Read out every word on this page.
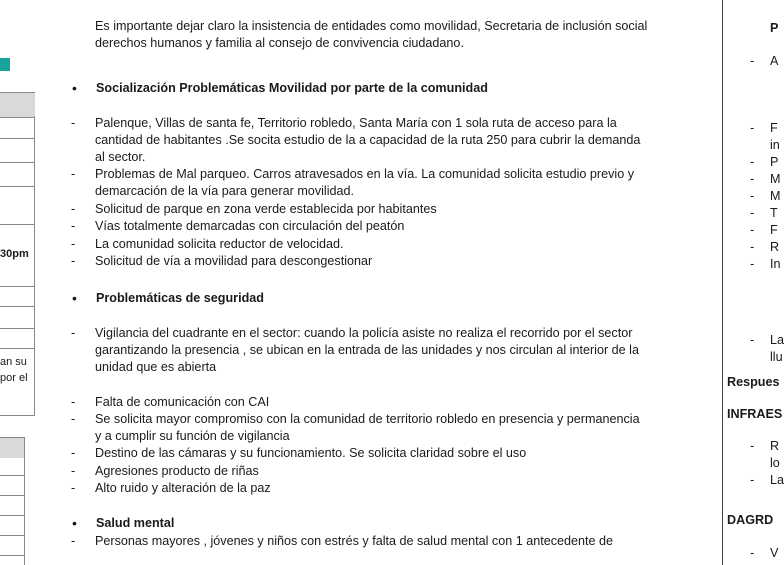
30pm
an su
por el
Es importante dejar claro la insistencia de entidades como movilidad, Secretaria de inclusión social
derechos humanos y familia al consejo de convivencia ciudadano.
• Socialización Problemáticas Movilidad por parte de la comunidad
- Palenque, Villas de santa fe, Territorio robledo, Santa María con 1 sola ruta de acceso para la
cantidad de habitantes .Se socita estudio de la a capacidad de la ruta 250 para cubrir la demanda
al sector.
- Problemas de Mal parqueo. Carros atravesados en la vía. La comunidad solicita estudio previo y
demarcación de la vía para generar movilidad.
- Solicitud de parque en zona verde establecida por habitantes
- Vías totalmente demarcadas con circulación del peatón
- La comunidad solicita reductor de velocidad.
- Solicitud de vía a movilidad para descongestionar
• Problemáticas de seguridad
- Vigilancia del cuadrante en el sector: cuando la policía asiste no realiza el recorrido por el sector
garantizando la presencia , se ubican en la entrada de las unidades y nos circulan al interior de la
unidad que es abierta
- Falta de comunicación con CAI
- Se solicita mayor compromiso con la comunidad de territorio robledo en presencia y permanencia
y a cumplir su función de vigilancia
- Destino de las cámaras y su funcionamiento. Se solicita claridad sobre el uso
- Agresiones producto de riñas
- Alto ruido y alteración de la paz
• Salud mental
- Personas mayores , jóvenes y niños con estrés y falta de salud mental con 1 antecedente de
P
- A
- F
in
- P
- M
- M
- T
- F
- R
- In
- La
llu
Respues
INFRAES
- R
lo
- La
DAGRD
- V
